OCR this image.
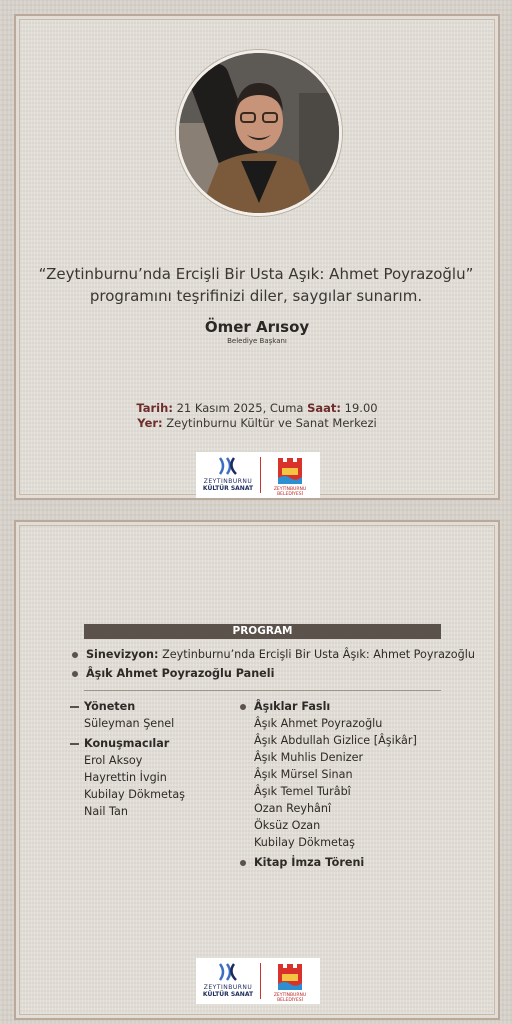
“Zeytinburnu’nda Ercişli Bir Usta Aşık: Ahmet Poyrazoğlu”
programını teşrifinizi diler, saygılar sunarım.
Ömer Arısoy
Belediye Başkanı
Tarih: 21 Kasım 2025, Cuma Saat: 19.00
Yer: Zeytinburnu Kültür ve Sanat Merkezi
ZEYTINBURNU
KÜLTÜR SANAT	ZEYTİNBURNU BELEDİYESİ
PROGRAM
Sinevizyon: Zeytinburnu’nda Ercişli Bir Usta Âşık: Ahmet Poyrazoğlu
Âşık Ahmet Poyrazoğlu Paneli
Yöneten
Süleyman Şenel
Konuşmacılar
Erol Aksoy
Hayrettin İvgin
Kubilay Dökmetaş
Nail Tan
Âşıklar Faslı
Âşık Ahmet Poyrazoğlu
Âşık Abdullah Gizlice [Âşikâr]
Âşık Muhlis Denizer
Âşık Mürsel Sinan
Âşık Temel Turâbî
Ozan Reyhânî
Öksüz Ozan
Kubilay Dökmetaş
Kitap İmza Töreni
ZEYTINBURNU
KÜLTÜR SANAT	ZEYTİNBURNU BELEDİYESİ
